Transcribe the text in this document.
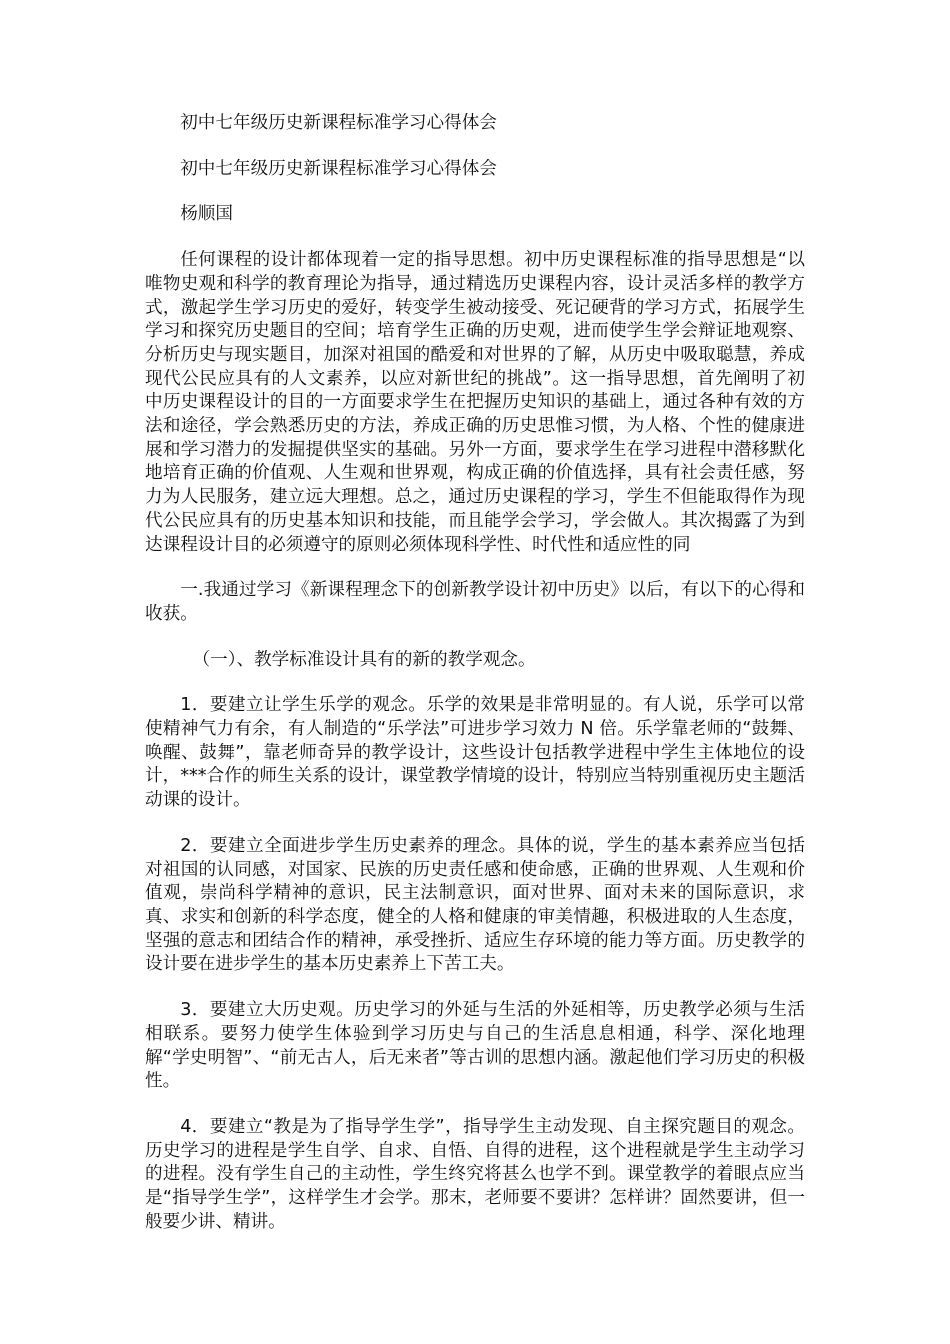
初中七年级历史新课程标准学习心得体会

初中七年级历史新课程标准学习心得体会

杨顺国

任何课程的设计都体现着一定的指导思想。初中历史课程标准的指导思想是“以唯物史观和科学的教育理论为指导，通过精选历史课程内容，设计灵活多样的教学方式，激起学生学习历史的爱好，转变学生被动接受、死记硬背的学习方式，拓展学生学习和探究历史题目的空间；培育学生正确的历史观，进而使学生学会辩证地观察、分析历史与现实题目，加深对祖国的酷爱和对世界的了解，从历史中吸取聪慧，养成现代公民应具有的人文素养，以应对新世纪的挑战”。这一指导思想，首先阐明了初中历史课程设计的目的一方面要求学生在把握历史知识的基础上，通过各种有效的方法和途径，学会熟悉历史的方法，养成正确的历史思惟习惯，为人格、个性的健康进展和学习潜力的发掘提供坚实的基础。另外一方面，要求学生在学习进程中潜移默化地培育正确的价值观、人生观和世界观，构成正确的价值选择，具有社会责任感，努力为人民服务，建立远大理想。总之，通过历史课程的学习，学生不但能取得作为现代公民应具有的历史基本知识和技能，而且能学会学习，学会做人。其次揭露了为到达课程设计目的必须遵守的原则必须体现科学性、时代性和适应性的同

一.我通过学习《新课程理念下的创新教学设计初中历史》以后，有以下的心得和收获。

（一）、教学标准设计具有的新的教学观念。

1．要建立让学生乐学的观念。乐学的效果是非常明显的。有人说，乐学可以常使精神气力有余，有人制造的“乐学法”可进步学习效力 N 倍。乐学靠老师的“鼓舞、唤醒、鼓舞”，靠老师奇异的教学设计，这些设计包括教学进程中学生主体地位的设计，***合作的师生关系的设计，课堂教学情境的设计，特别应当特别重视历史主题活动课的设计。

2．要建立全面进步学生历史素养的理念。具体的说，学生的基本素养应当包括对祖国的认同感，对国家、民族的历史责任感和使命感，正确的世界观、人生观和价值观，崇尚科学精神的意识，民主法制意识，面对世界、面对未来的国际意识，求真、求实和创新的科学态度，健全的人格和健康的审美情趣，积极进取的人生态度，坚强的意志和团结合作的精神，承受挫折、适应生存环境的能力等方面。历史教学的设计要在进步学生的基本历史素养上下苦工夫。

3．要建立大历史观。历史学习的外延与生活的外延相等，历史教学必须与生活相联系。要努力使学生体验到学习历史与自己的生活息息相通，科学、深化地理解“学史明智”、“前无古人，后无来者”等古训的思想内涵。激起他们学习历史的积极性。

4．要建立“教是为了指导学生学”，指导学生主动发现、自主探究题目的观念。历史学习的进程是学生自学、自求、自悟、自得的进程，这个进程就是学生主动学习的进程。没有学生自己的主动性，学生终究将甚么也学不到。课堂教学的着眼点应当是“指导学生学”，这样学生才会学。那末，老师要不要讲？怎样讲？固然要讲，但一般要少讲、精讲。
